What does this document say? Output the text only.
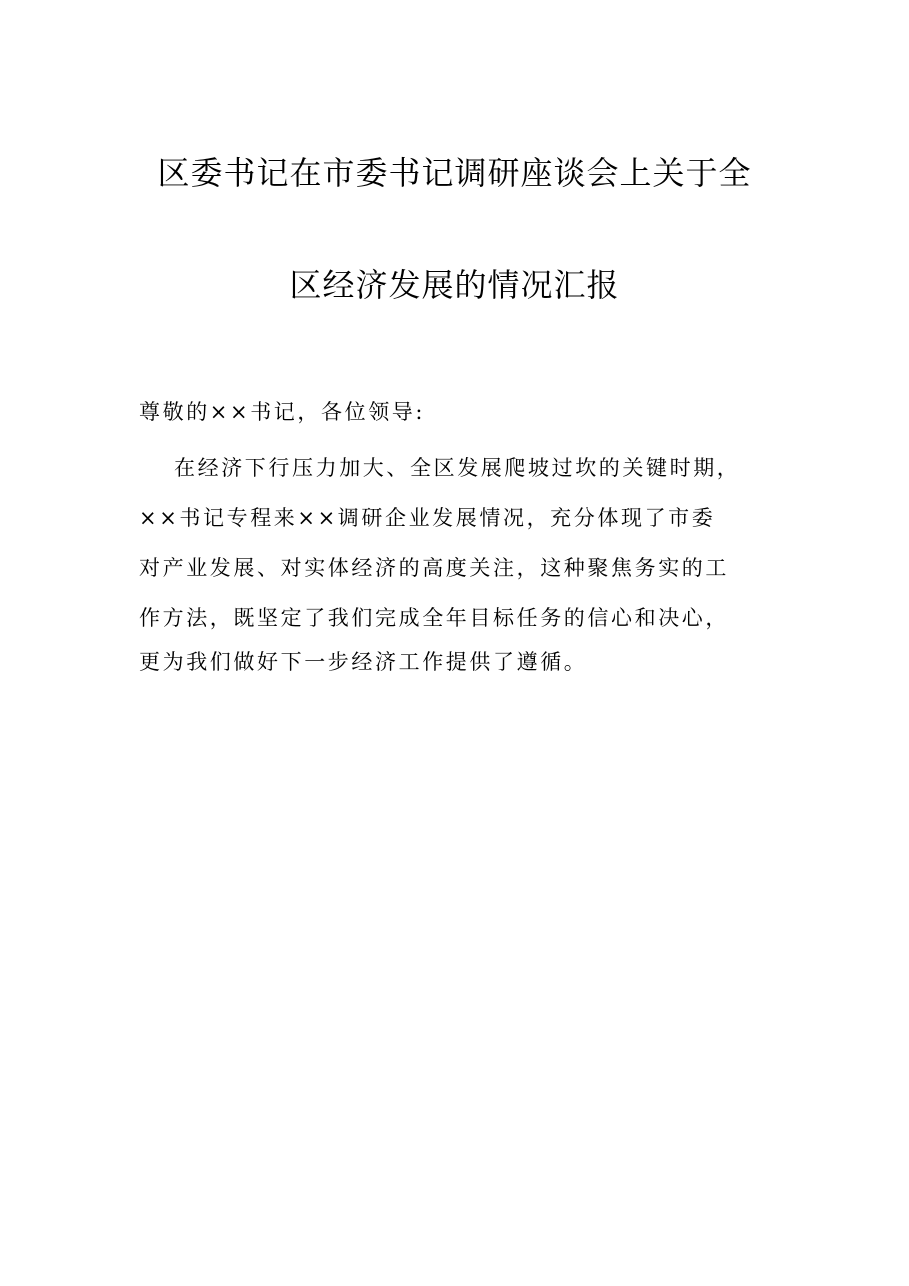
区委书记在市委书记调研座谈会上关于全
区经济发展的情况汇报
尊敬的××书记，各位领导:
在经济下行压力加大、全区发展爬坡过坎的关键时期，
××书记专程来××调研企业发展情况，充分体现了市委
对产业发展、对实体经济的高度关注，这种聚焦务实的工
作方法，既坚定了我们完成全年目标任务的信心和决心，
更为我们做好下一步经济工作提供了遵循。
